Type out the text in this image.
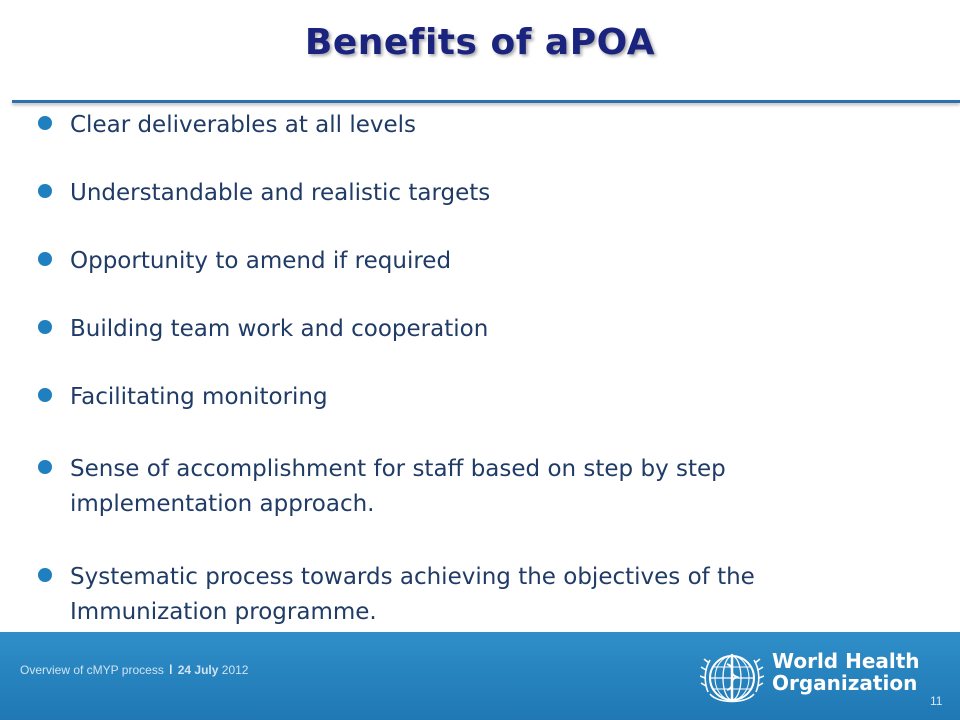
Benefits of aPOA
Clear deliverables at all levels
Understandable and realistic targets
Opportunity to amend if required
Building team work and cooperation
Facilitating monitoring
Sense of accomplishment for staff based on step by step
implementation approach.
Systematic process towards achieving the objectives of the
Immunization programme.
Overview of cMYP process I 24 July 2012	World Health
Organization
11
